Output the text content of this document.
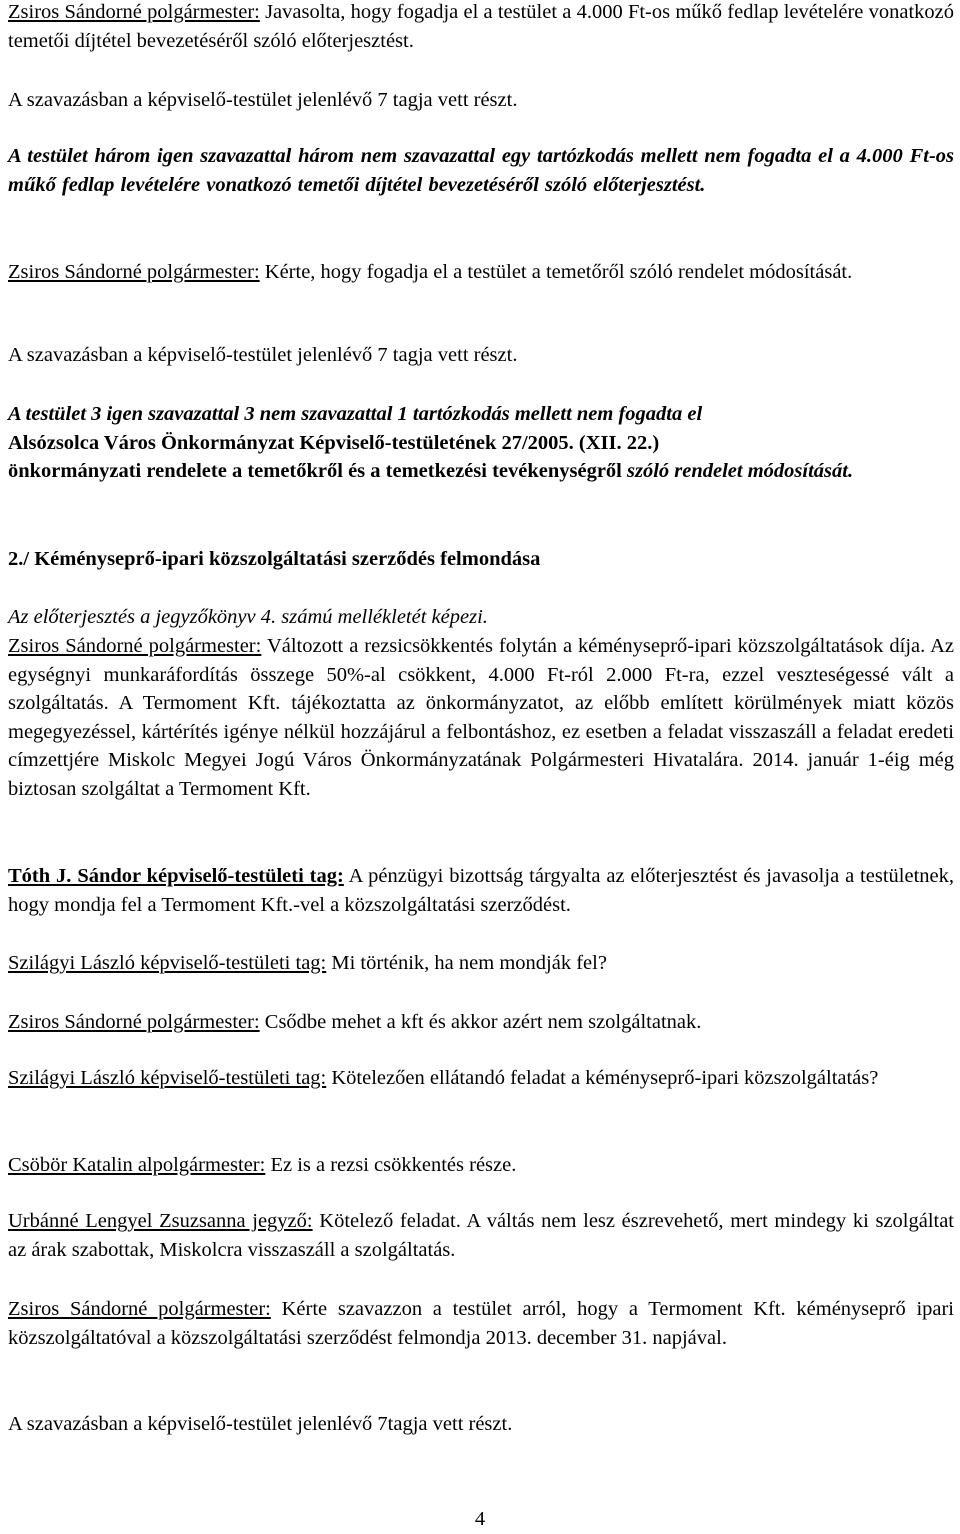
Zsiros Sándorné polgármester: Javasolta, hogy fogadja el a testület a 4.000 Ft-os műkő fedlap levételére vonatkozó temetői díjtétel bevezetéséről szóló előterjesztést.

A szavazásban a képviselő-testület jelenlévő 7 tagja vett részt.

A testület három igen szavazattal három nem szavazattal egy tartózkodás mellett nem fogadta el a 4.000 Ft-os műkő fedlap levételére vonatkozó temetői díjtétel bevezetéséről szóló előterjesztést.

Zsiros Sándorné polgármester: Kérte, hogy fogadja el a testület a temetőről szóló rendelet módosítását.

A szavazásban a képviselő-testület jelenlévő 7 tagja vett részt.

A testület 3 igen szavazattal 3 nem szavazattal 1 tartózkodás mellett nem fogadta el
Alsózsolca Város Önkormányzat Képviselő-testületének 27/2005. (XII. 22.)
önkormányzati rendelete a temetőkről és a temetkezési tevékenységről szóló rendelet módosítását.

2./ Kéményseprő-ipari közszolgáltatási szerződés felmondása

Az előterjesztés a jegyzőkönyv 4. számú mellékletét képezi.

Zsiros Sándorné polgármester: Változott a rezsicsökkentés folytán a kéményseprő-ipari közszolgáltatások díja. Az egységnyi munkaráfordítás összege 50%-al csökkent, 4.000 Ft-ról 2.000 Ft-ra, ezzel veszteségessé vált a szolgáltatás. A Termoment Kft. tájékoztatta az önkormányzatot, az előbb említett körülmények miatt közös megegyezéssel, kártérítés igénye nélkül hozzájárul a felbontáshoz, ez esetben a feladat visszaszáll a feladat eredeti címzettjére Miskolc Megyei Jogú Város Önkormányzatának Polgármesteri Hivatalára. 2014. január 1-éig még biztosan szolgáltat a Termoment Kft.

Tóth J. Sándor képviselő-testületi tag: A pénzügyi bizottság tárgyalta az előterjesztést és javasolja a testületnek, hogy mondja fel a Termoment Kft.-vel a közszolgáltatási szerződést.

Szilágyi László képviselő-testületi tag: Mi történik, ha nem mondják fel?

Zsiros Sándorné polgármester: Csődbe mehet a kft és akkor azért nem szolgáltatnak.

Szilágyi László képviselő-testületi tag: Kötelezően ellátandó feladat a kéményseprő-ipari közszolgáltatás?

Csöbör Katalin alpolgármester: Ez is a rezsi csökkentés része.

Urbánné Lengyel Zsuzsanna jegyző: Kötelező feladat. A váltás nem lesz észrevehető, mert mindegy ki szolgáltat az árak szabottak, Miskolcra visszaszáll a szolgáltatás.

Zsiros Sándorné polgármester: Kérte szavazzon a testület arról, hogy a Termoment Kft. kéményseprő ipari közszolgáltatóval a közszolgáltatási szerződést felmondja 2013. december 31. napjával.

A szavazásban a képviselő-testület jelenlévő 7tagja vett részt.

4
